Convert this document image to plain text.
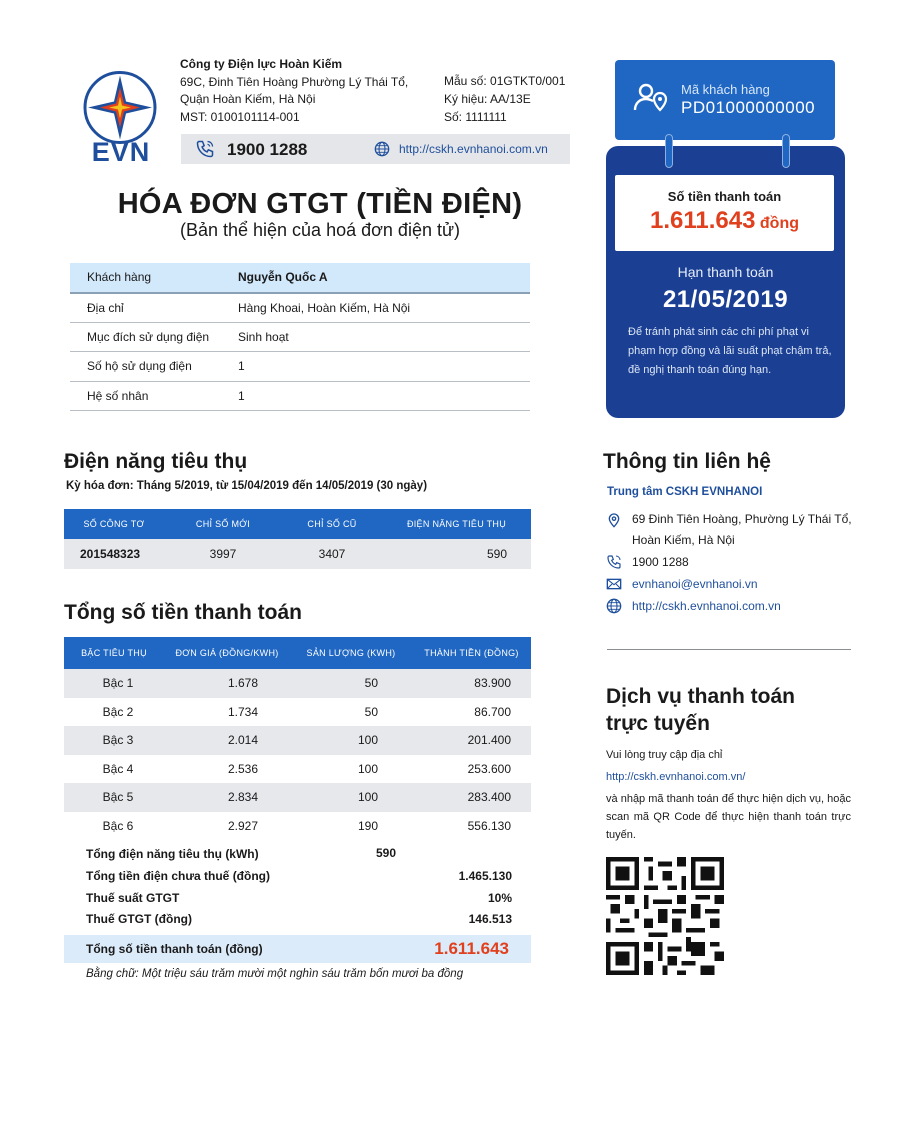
EVN
Công ty Điện lực Hoàn Kiếm
69C, Đinh Tiên Hoàng Phường Lý Thái Tổ,
Quận Hoàn Kiếm, Hà Nội
MST: 0100101114-001
Mẫu số: 01GTKT0/001
Ký hiệu: AA/13E
Số: 1111111
1900 1288	http://cskh.evnhanoi.com.vn
HÓA ĐƠN GTGT (TIỀN ĐIỆN)
(Bản thể hiện của hoá đơn điện tử)
Khách hàng	Nguyễn Quốc A
Địa chỉ	Hàng Khoai, Hoàn Kiếm, Hà Nội
Mục đích sử dụng điện	Sinh hoạt
Số hộ sử dụng điện	1
Hệ số nhân	1
Mã khách hàng
PD01000000000
Số tiền thanh toán
1.611.643 đồng
Hạn thanh toán
21/05/2019
Để tránh phát sinh các chi phí phạt vi phạm hợp đồng và lãi suất phạt chậm trả, đề nghị thanh toán đúng hạn.
Điện năng tiêu thụ
Kỳ hóa đơn: Tháng 5/2019, từ 15/04/2019 đến 14/05/2019 (30 ngày)
SỐ CÔNG TƠ	CHỈ SỐ MỚI	CHỈ SỐ CŨ	ĐIỆN NĂNG TIÊU THỤ
201548323	3997	3407	590
Tổng số tiền thanh toán
BẬC TIÊU THỤ	ĐƠN GIÁ (ĐỒNG/KWH)	SẢN LƯỢNG (KWH)	THÀNH TIỀN (ĐỒNG)
Bậc 1	1.678	50	83.900
Bậc 2	1.734	50	86.700
Bậc 3	2.014	100	201.400
Bậc 4	2.536	100	253.600
Bậc 5	2.834	100	283.400
Bậc 6	2.927	190	556.130
Tổng điện năng tiêu thụ (kWh)	590
Tổng tiền điện chưa thuế (đồng)	1.465.130
Thuế suất GTGT	10%
Thuế GTGT (đồng)	146.513
Tổng số tiền thanh toán (đồng)	1.611.643
Bằng chữ: Một triệu sáu trăm mười một nghìn sáu trăm bốn mươi ba đồng
Thông tin liên hệ
Trung tâm CSKH EVNHANOI
69 Đinh Tiên Hoàng, Phường Lý Thái Tổ,
Hoàn Kiếm, Hà Nội
1900 1288
evnhanoi@evnhanoi.vn
http://cskh.evnhanoi.com.vn
Dịch vụ thanh toán
trực tuyến
Vui lòng truy cập địa chỉ
http://cskh.evnhanoi.com.vn/
và nhập mã thanh toán để thực hiện dịch vụ, hoặc scan mã QR Code để thực hiện thanh toán trực tuyến.
